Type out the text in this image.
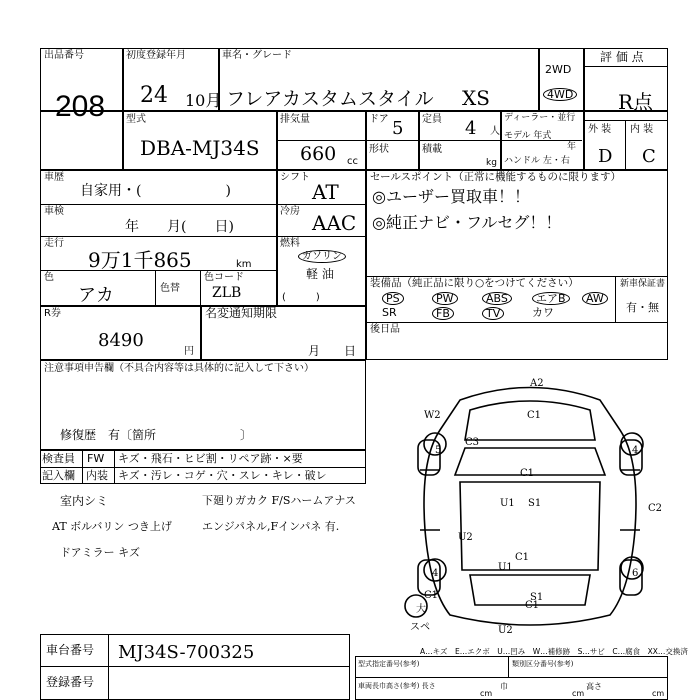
出品番号
208
初度登録年月
24 10月
車名・グレード
フレアカスタムスタイル XS
2WD
4WD
評 価 点
R点
外 装 内 装
D C
型式
DBA-MJ34S
排気量
660 cc
ドア 5 定員 4 人
ディーラー・並行
モデル 年式
年
形状	積載
kg ハンドル 左・右
車歴
自家用・(　　　　　　)
車検
年　　月(　　日)
走行
9万1千865	km
色
アカ	色替
色コード
ZLB	(　　　)
シフト
AT
冷房 AAC
燃料
ガソリン
軽 油
R券
8490
円
名変通知期限
月　　日
セールスポイント（正常に機能するものに限ります）
◎ユーザー買取車！！
◎純正ナビ・フルセグ！！
装備品（純正品に限り○をつけてください）	新車保証書
有・無
PS	PW	ABS	エアB	AW
SR	FB	TV	カワ
後日品
注意事項申告欄（不具合内容等は具体的に記入して下さい）
修復歴　有〔箇所　　　　　　　〕
検査員 FW キズ・飛石・ヒビ割・リペア跡・×要
記入欄 内装 キズ・汚レ・コゲ・穴・スレ・キレ・破レ
室内シミ
AT ボルバリン つき上げ
ドアミラー キズ
下廻りガカク F/Sハームアナス
エンジパネル,Fインパネ 有.
A2
W2	C1
C3
C1
C2
U1 S1
S1
U2
C1
U1
C1
U2
C1
5	4
4	6
大
スペ
A…キズ　E…エクボ　U…凹み　W…補修跡　S…サビ　C…腐食　XX…交換済
車台番号 MJ34S-700325
登録番号
型式指定番号(参考)	類別区分番号(参考)
車両長巾高さ(参考) 長さ
cm
巾
cm
高さ
cm
